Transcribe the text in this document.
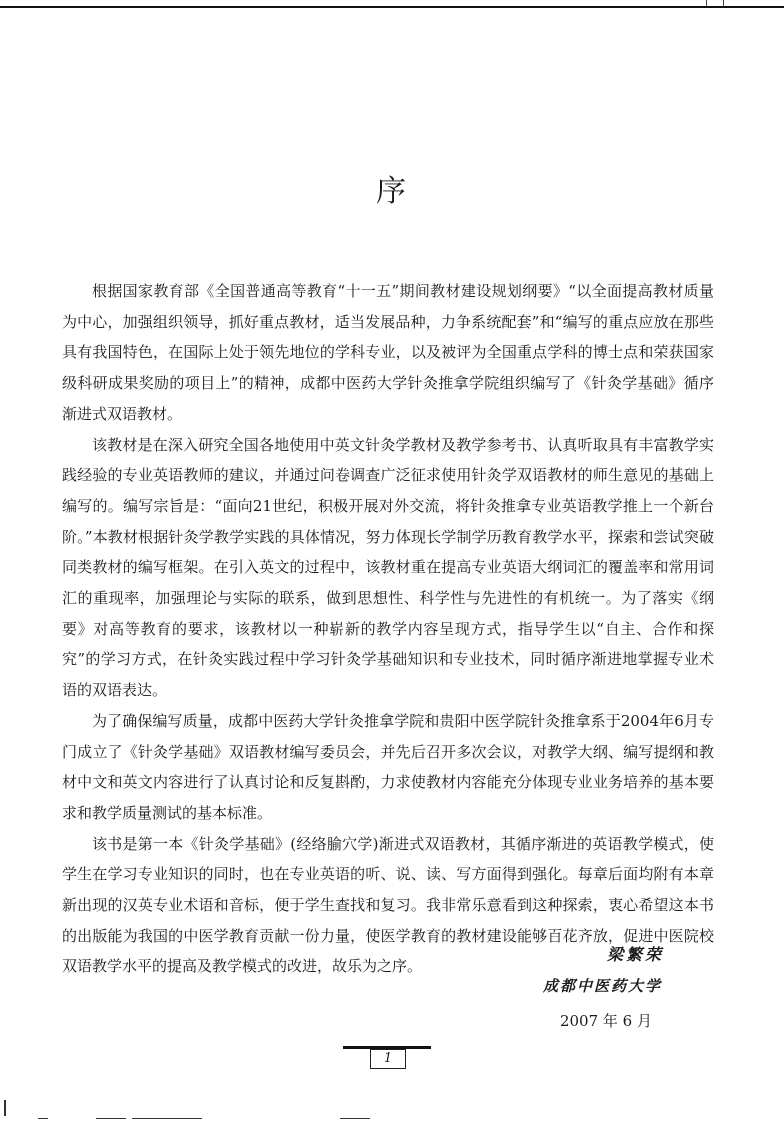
序

根据国家教育部《全国普通高等教育“十一五”期间教材建设规划纲要》“以全面提高教材质量为中心，加强组织领导，抓好重点教材，适当发展品种，力争系统配套”和“编写的重点应放在那些具有我国特色，在国际上处于领先地位的学科专业，以及被评为全国重点学科的博士点和荣获国家级科研成果奖励的项目上”的精神，成都中医药大学针灸推拿学院组织编写了《针灸学基础》循序渐进式双语教材。

该教材是在深入研究全国各地使用中英文针灸学教材及教学参考书、认真听取具有丰富教学实践经验的专业英语教师的建议，并通过问卷调查广泛征求使用针灸学双语教材的师生意见的基础上编写的。编写宗旨是：“面向21世纪，积极开展对外交流，将针灸推拿专业英语教学推上一个新台阶。”本教材根据针灸学教学实践的具体情况，努力体现长学制学历教育教学水平，探索和尝试突破同类教材的编写框架。在引入英文的过程中，该教材重在提高专业英语大纲词汇的覆盖率和常用词汇的重现率，加强理论与实际的联系，做到思想性、科学性与先进性的有机统一。为了落实《纲要》对高等教育的要求，该教材以一种崭新的教学内容呈现方式，指导学生以“自主、合作和探究”的学习方式，在针灸实践过程中学习针灸学基础知识和专业技术，同时循序渐进地掌握专业术语的双语表达。

为了确保编写质量，成都中医药大学针灸推拿学院和贵阳中医学院针灸推拿系于2004年6月专门成立了《针灸学基础》双语教材编写委员会，并先后召开多次会议，对教学大纲、编写提纲和教材中文和英文内容进行了认真讨论和反复斟酌，力求使教材内容能充分体现专业业务培养的基本要求和教学质量测试的基本标准。

该书是第一本《针灸学基础》(经络腧穴学)渐进式双语教材，其循序渐进的英语教学模式，使学生在学习专业知识的同时，也在专业英语的听、说、读、写方面得到强化。每章后面均附有本章新出现的汉英专业术语和音标，便于学生查找和复习。我非常乐意看到这种探索，衷心希望这本书的出版能为我国的中医学教育贡献一份力量，使医学教育的教材建设能够百花齐放，促进中医院校双语教学水平的提高及教学模式的改进，故乐为之序。

梁繁荣
成都中医药大学
2007 年 6 月
1
